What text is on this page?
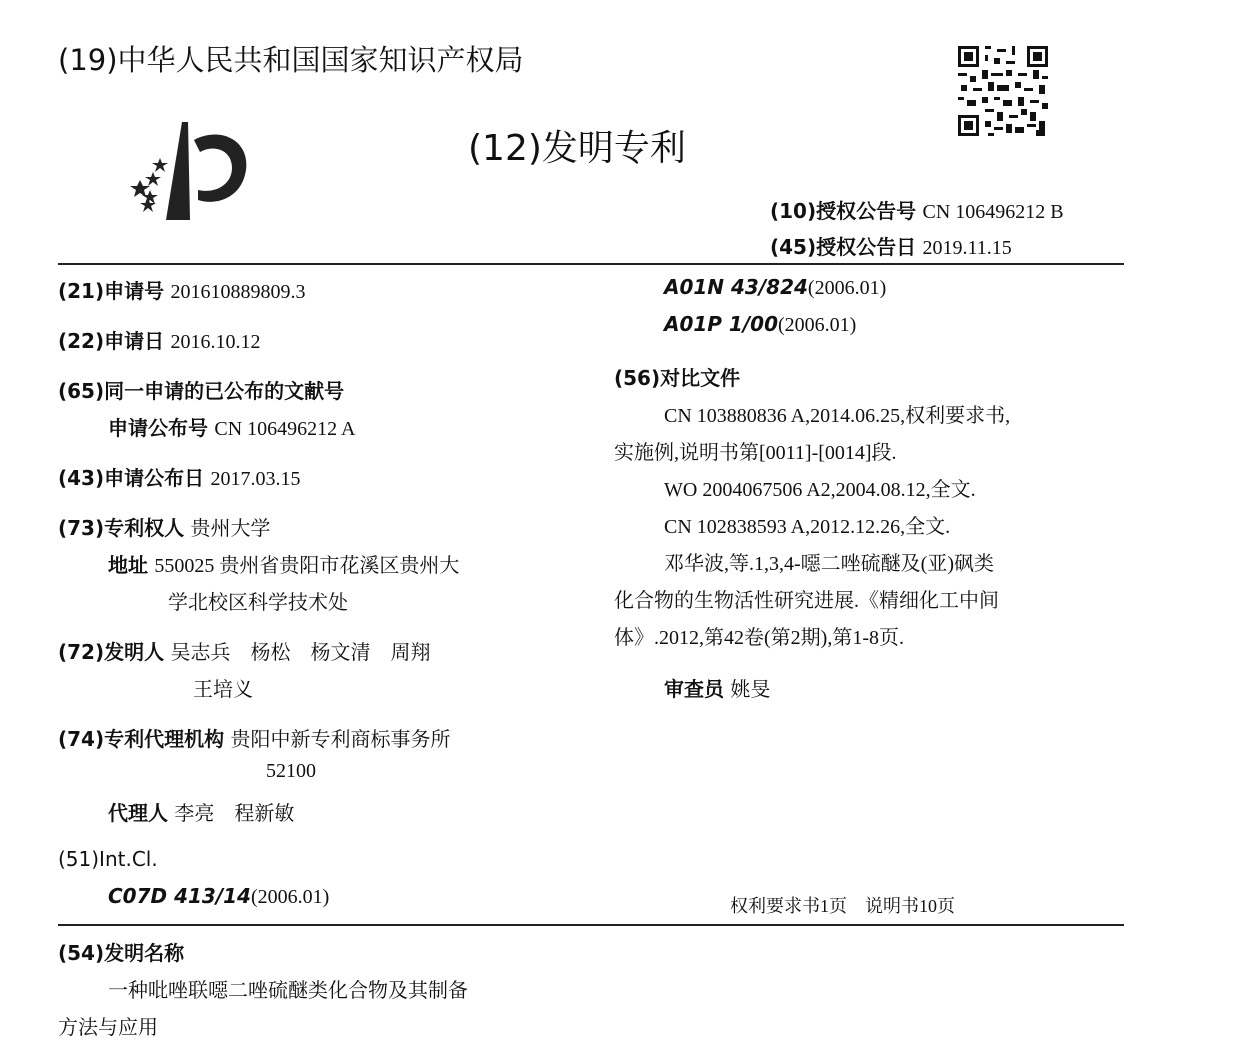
(19)中华人民共和国国家知识产权局
(12)发明专利
(10)授权公告号 CN 106496212 B
(45)授权公告日 2019.11.15
(21)申请号 201610889809.3
(22)申请日 2016.10.12
(65)同一申请的已公布的文献号
申请公布号 CN 106496212 A
(43)申请公布日 2017.03.15
(73)专利权人 贵州大学
地址 550025 贵州省贵阳市花溪区贵州大
学北校区科学技术处
(72)发明人 吴志兵    杨松    杨文清    周翔
王培义
(74)专利代理机构 贵阳中新专利商标事务所
52100
代理人 李亮    程新敏
(51)Int.Cl.
C07D 413/14(2006.01)
A01N 43/824(2006.01)
A01P 1/00(2006.01)
(56)对比文件
CN 103880836 A,2014.06.25,权利要求书,
实施例,说明书第[0011]-[0014]段.
WO 2004067506 A2,2004.08.12,全文.
CN 102838593 A,2012.12.26,全文.
邓华波,等.1,3,4-噁二唑硫醚及(亚)砜类
化合物的生物活性研究进展.《精细化工中间
体》.2012,第42卷(第2期),第1-8页.
审查员 姚旻
权利要求书1页    说明书10页
(54)发明名称
一种吡唑联噁二唑硫醚类化合物及其制备
方法与应用
